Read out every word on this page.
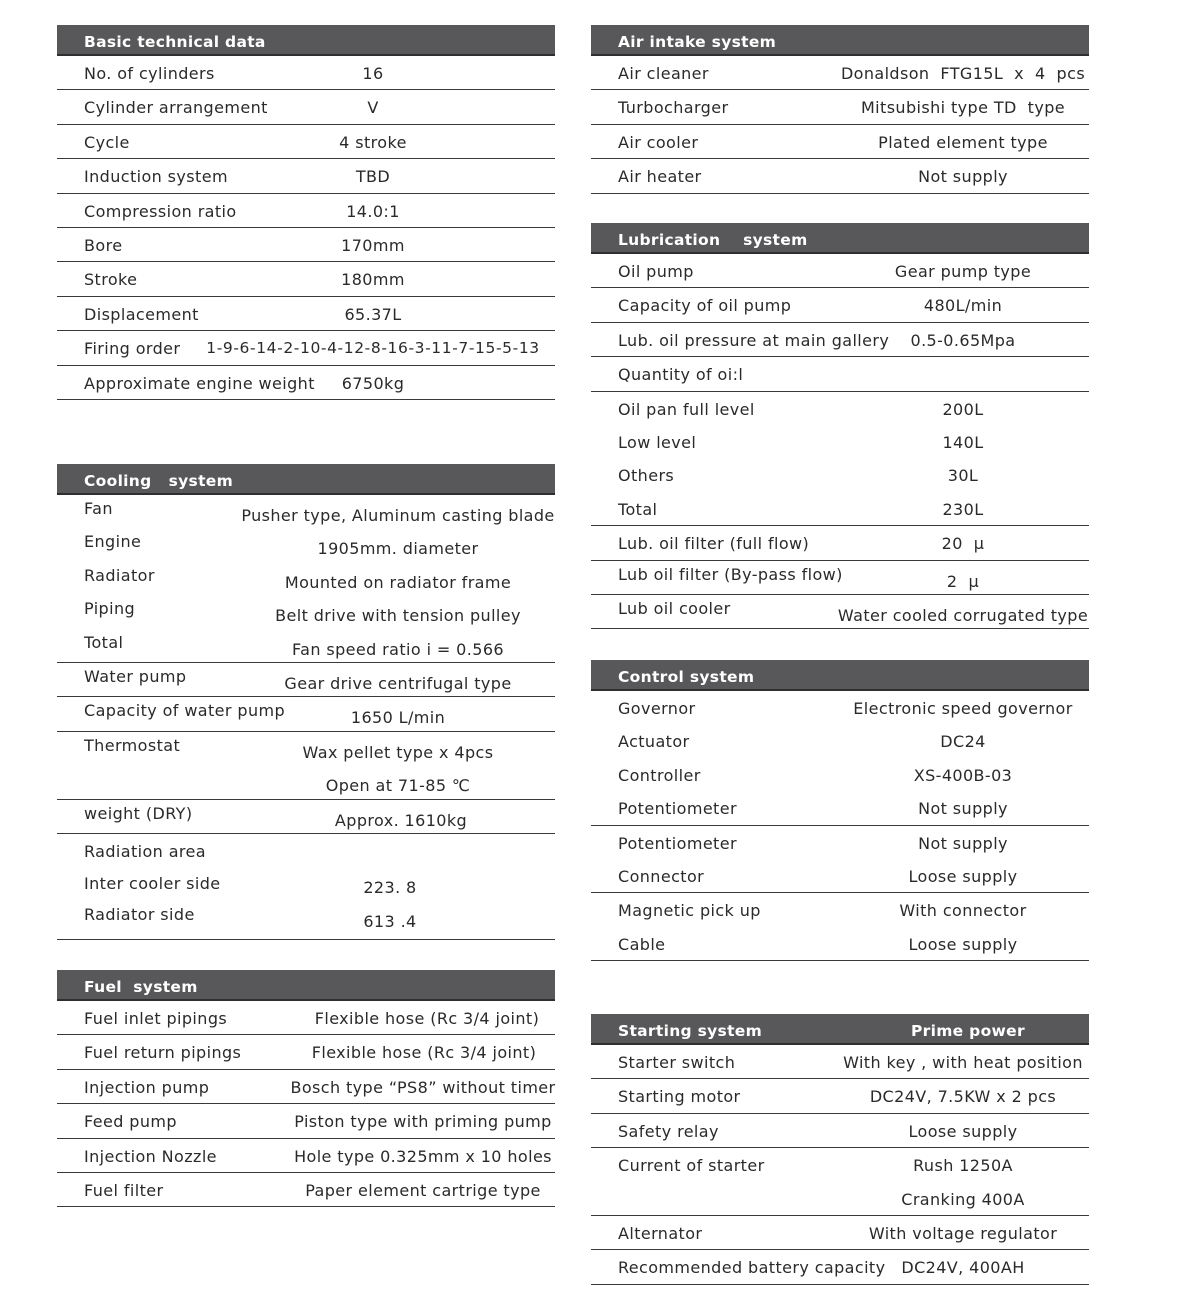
Basic technical data
No. of cylinders	16
Cylinder arrangement	V
Cycle	4 stroke
Induction system	TBD
Compression ratio	14.0:1
Bore	170mm
Stroke	180mm
Displacement	65.37L
Firing order 1-9-6-14-2-10-4-12-8-16-3-11-7-15-5-13
Approximate engine weight 6750kg
Cooling   system
Fan	Pusher type, Aluminum casting blade
Engine	1905mm. diameter
Radiator	Mounted on radiator frame
Piping	Belt drive with tension pulley
Total	Fan speed ratio i = 0.566
Water pump	Gear drive centrifugal type
Capacity of water pump	1650 L/min
Thermostat	Wax pellet type x 4pcs
Open at 71-85 ℃
weight (DRY)	Approx. 1610kg
Radiation area
Inter cooler side	223. 8
Radiator side	613 .4
Fuel  system
Fuel inlet pipings	Flexible hose (Rc 3/4 joint)
Fuel return pipings	Flexible hose (Rc 3/4 joint)
Injection pump	Bosch type “PS8” without timer
Feed pump	Piston type with priming pump
Injection Nozzle	Hole type 0.325mm x 10 holes
Fuel filter	Paper element cartrige type
Air intake system
Air cleaner	Donaldson  FTG15L  x  4  pcs
Turbocharger	Mitsubishi type TD  type
Air cooler	Plated element type
Air heater	Not supply
Lubrication    system
Oil pump	Gear pump type
Capacity of oil pump	480L/min
Lub. oil pressure at main gallery 0.5-0.65Mpa
Quantity of oi:l
Oil pan full level	200L
Low level	140L
Others	30L
Total	230L
Lub. oil filter (full flow)	20  μ
Lub oil filter (By-pass flow)	2  μ
Lub oil cooler	Water cooled corrugated type
Control system
Governor	Electronic speed governor
Actuator	DC24
Controller	XS-400B-03
Potentiometer	Not supply
Potentiometer	Not supply
Connector	Loose supply
Magnetic pick up	With connector
Cable	Loose supply
Starting system	Prime power
Starter switch	With key , with heat position
Starting motor	DC24V, 7.5KW x 2 pcs
Safety relay	Loose supply
Current of starter	Rush 1250A
Cranking 400A
Alternator	With voltage regulator
Recommended battery capacity DC24V, 400AH
